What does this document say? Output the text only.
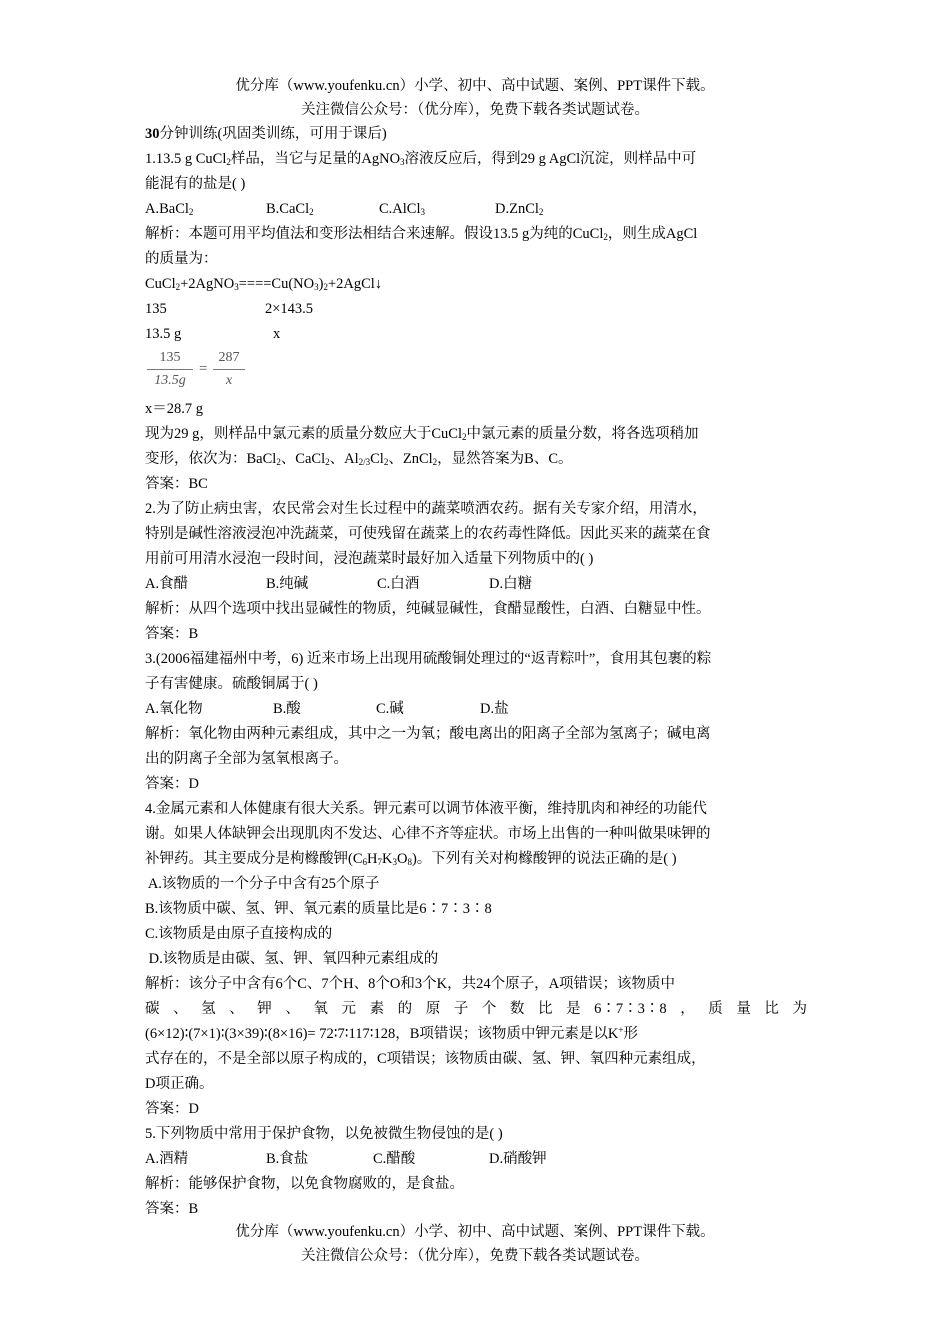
优分库（www.youfenku.cn）小学、初中、高中试题、案例、PPT课件下载。
关注微信公众号：（优分库），免费下载各类试题试卷。
30分钟训练(巩固类训练，可用于课后)
1.13.5 g CuCl$_2$样品，当它与足量的AgNO$_3$溶液反应后，得到29 g AgCl沉淀，则样品中可
能混有的盐是( )
A.BaCl$_2$	B.CaCl$_2$	C.AlCl$_3$	D.ZnCl$_2$
解析：本题可用平均值法和变形法相结合来速解。假设13.5 g为纯的CuCl$_2$，则生成AgCl
的质量为：
$CuCl_2+2AgNO_3====Cu(NO_3)_2+2AgCl↓$
135	2×143.5
13.5 g	x
135
13.5g
=
287
x
x＝28.7 g
现为29 g，则样品中氯元素的质量分数应大于CuCl$_2$中氯元素的质量分数，将各选项稍加
变形，依次为：BaCl$_2$、CaCl$_2$、$Al_{2/3}Cl_2$、ZnCl$_2$，显然答案为B、C。
答案：BC
2.为了防止病虫害，农民常会对生长过程中的蔬菜喷洒农药。据有关专家介绍，用清水，
特别是碱性溶液浸泡冲洗蔬菜，可使残留在蔬菜上的农药毒性降低。因此买来的蔬菜在食
用前可用清水浸泡一段时间，浸泡蔬菜时最好加入适量下列物质中的( )
A.食醋	B.纯碱	C.白酒	D.白糖
解析：从四个选项中找出显碱性的物质，纯碱显碱性，食醋显酸性，白酒、白糖显中性。
答案：B
3.(2006福建福州中考，6) 近来市场上出现用硫酸铜处理过的“返青粽叶”，食用其包裹的粽
子有害健康。硫酸铜属于( )
A.氧化物	B.酸	C.碱	D.盐
解析：氧化物由两种元素组成，其中之一为氧；酸电离出的阳离子全部为氢离子；碱电离
出的阴离子全部为氢氧根离子。
答案：D
4.金属元素和人体健康有很大关系。钾元素可以调节体液平衡，维持肌肉和神经的功能代
谢。如果人体缺钾会出现肌肉不发达、心律不齐等症状。市场上出售的一种叫做果味钾的
补钾药。其主要成分是枸橼酸钾$(C_6H_7K_3O_8)$。下列有关对枸橼酸钾的说法正确的是( )
A.该物质的一个分子中含有25个原子
B.该物质中碳、氢、钾、氧元素的质量比是6∶7∶3∶8
C.该物质是由原子直接构成的
D.该物质是由碳、氢、钾、氧四种元素组成的
解析：该分子中含有6个C、7个H、8个O和3个K，共24个原子，A项错误；该物质中
碳、氢、钾、氧元素的原子个数比是6∶7∶3∶8，质量比为
(6×12)∶(7×1)∶(3×39)∶(8×16)= 72∶7∶117∶128，B项错误；该物质中钾元素是以K+形
式存在的，不是全部以原子构成的，C项错误；该物质由碳、氢、钾、氧四种元素组成，
D项正确。
答案：D
5.下列物质中常用于保护食物，以免被微生物侵蚀的是( )
A.酒精	B.食盐	C.醋酸	D.硝酸钾
解析：能够保护食物，以免食物腐败的，是食盐。
答案：B
优分库（www.youfenku.cn）小学、初中、高中试题、案例、PPT课件下载。
关注微信公众号：（优分库），免费下载各类试题试卷。
